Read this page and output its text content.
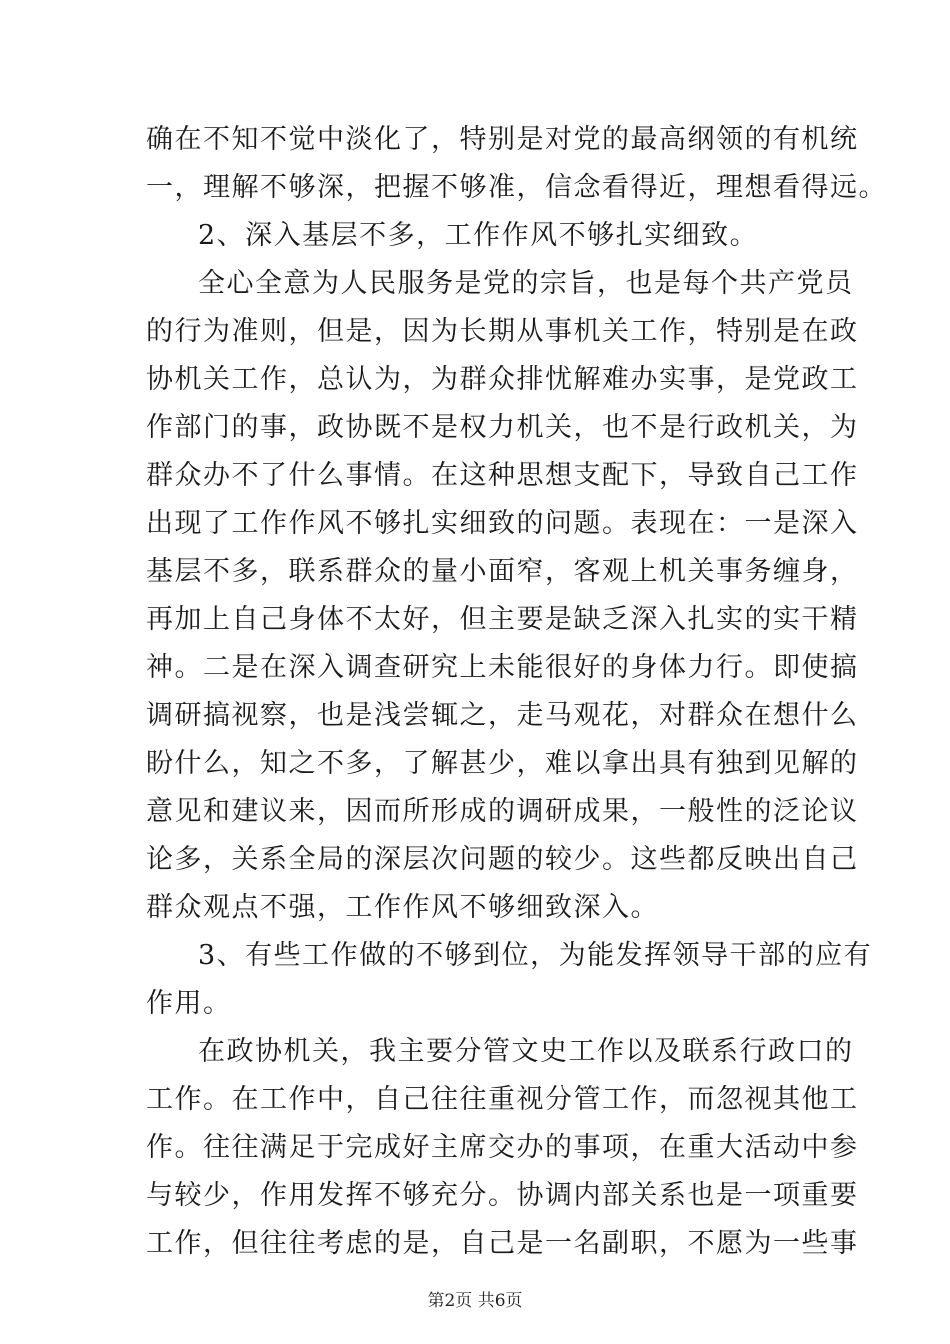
确在不知不觉中淡化了，特别是对党的最高纲领的有机统
一，理解不够深，把握不够准，信念看得近，理想看得远。
2、深入基层不多，工作作风不够扎实细致。
全心全意为人民服务是党的宗旨，也是每个共产党员
的行为准则，但是，因为长期从事机关工作，特别是在政
协机关工作，总认为，为群众排忧解难办实事，是党政工
作部门的事，政协既不是权力机关，也不是行政机关，为
群众办不了什么事情。在这种思想支配下，导致自己工作
出现了工作作风不够扎实细致的问题。表现在：一是深入
基层不多，联系群众的量小面窄，客观上机关事务缠身，
再加上自己身体不太好，但主要是缺乏深入扎实的实干精
神。二是在深入调查研究上未能很好的身体力行。即使搞
调研搞视察，也是浅尝辄之，走马观花，对群众在想什么
盼什么，知之不多，了解甚少，难以拿出具有独到见解的
意见和建议来，因而所形成的调研成果，一般性的泛论议
论多，关系全局的深层次问题的较少。这些都反映出自己
群众观点不强，工作作风不够细致深入。
3、有些工作做的不够到位，为能发挥领导干部的应有
作用。
在政协机关，我主要分管文史工作以及联系行政口的
工作。在工作中，自己往往重视分管工作，而忽视其他工
作。往往满足于完成好主席交办的事项，在重大活动中参
与较少，作用发挥不够充分。协调内部关系也是一项重要
工作，但往往考虑的是，自己是一名副职，不愿为一些事
第2页 共6页
